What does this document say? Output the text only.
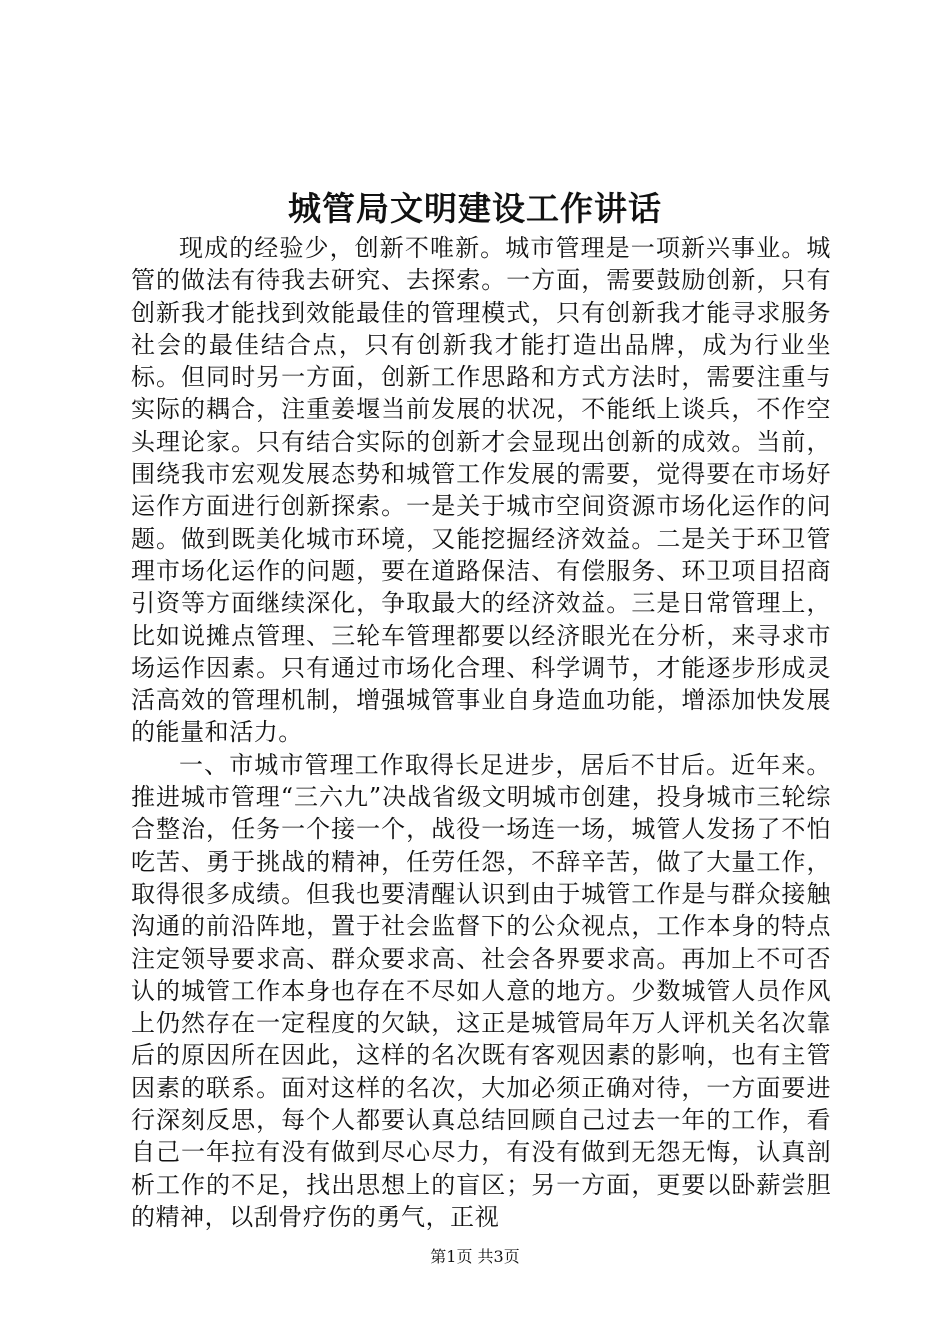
城管局文明建设工作讲话

现成的经验少，创新不唯新。城市管理是一项新兴事业。城管的做法有待我去研究、去探索。一方面，需要鼓励创新，只有创新我才能找到效能最佳的管理模式，只有创新我才能寻求服务社会的最佳结合点，只有创新我才能打造出品牌，成为行业坐标。但同时另一方面，创新工作思路和方式方法时，需要注重与实际的耦合，注重姜堰当前发展的状况，不能纸上谈兵，不作空头理论家。只有结合实际的创新才会显现出创新的成效。当前，围绕我市宏观发展态势和城管工作发展的需要，觉得要在市场好运作方面进行创新探索。一是关于城市空间资源市场化运作的问题。做到既美化城市环境，又能挖掘经济效益。二是关于环卫管理市场化运作的问题，要在道路保洁、有偿服务、环卫项目招商引资等方面继续深化，争取最大的经济效益。三是日常管理上，比如说摊点管理、三轮车管理都要以经济眼光在分析，来寻求市场运作因素。只有通过市场化合理、科学调节，才能逐步形成灵活高效的管理机制，增强城管事业自身造血功能，增添加快发展的能量和活力。

一、市城市管理工作取得长足进步，居后不甘后。近年来。推进城市管理“三六九”决战省级文明城市创建，投身城市三轮综合整治，任务一个接一个，战役一场连一场，城管人发扬了不怕吃苦、勇于挑战的精神，任劳任怨，不辞辛苦，做了大量工作，取得很多成绩。但我也要清醒认识到由于城管工作是与群众接触沟通的前沿阵地，置于社会监督下的公众视点，工作本身的特点注定领导要求高、群众要求高、社会各界要求高。再加上不可否认的城管工作本身也存在不尽如人意的地方。少数城管人员作风上仍然存在一定程度的欠缺，这正是城管局年万人评机关名次靠后的原因所在因此，这样的名次既有客观因素的影响，也有主管因素的联系。面对这样的名次，大加必须正确对待，一方面要进行深刻反思，每个人都要认真总结回顾自己过去一年的工作，看自己一年拉有没有做到尽心尽力，有没有做到无怨无悔，认真剖析工作的不足，找出思想上的盲区；另一方面，更要以卧薪尝胆的精神，以刮骨疗伤的勇气，正视

第1页 共3页
